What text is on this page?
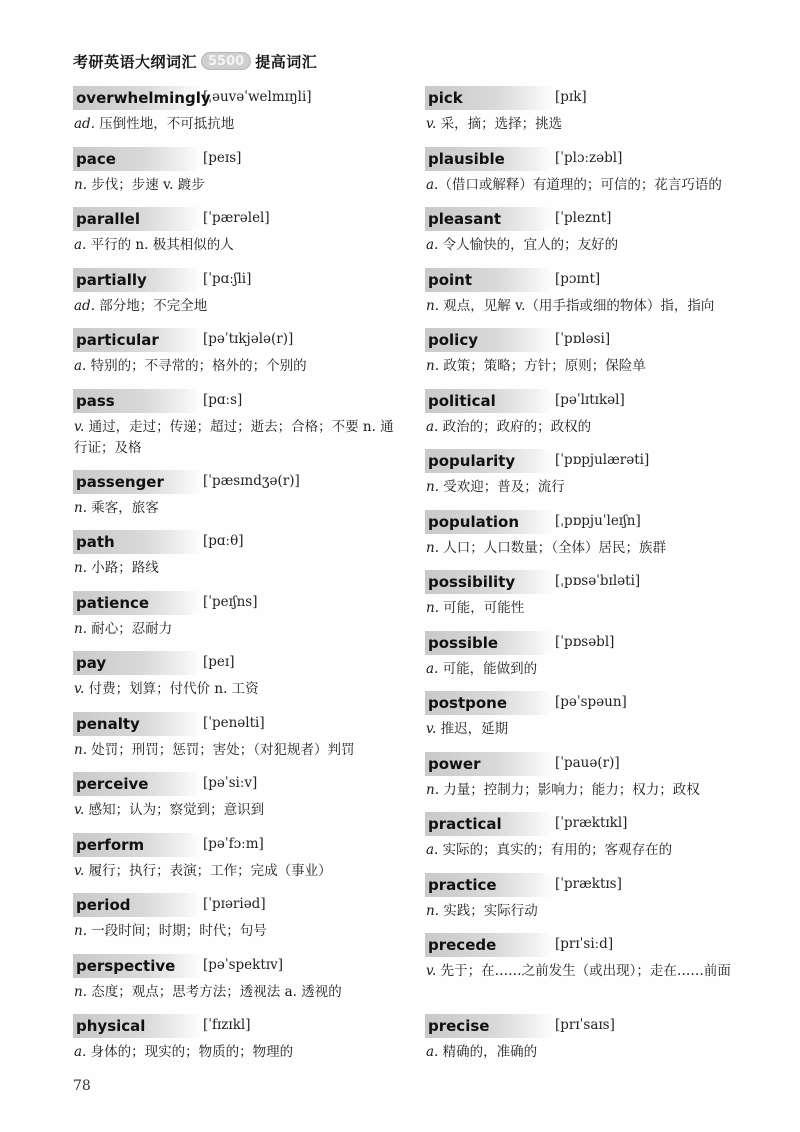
考研英语大纲词汇 5500 提高词汇
overwhelmingly
[ˌəuvəˈwelmɪŋli]
ad. 压倒性地，不可抵抗地
pace	[peɪs]
n. 步伐；步速 v. 踱步
parallel	[ˈpærəlel]
a. 平行的 n. 极其相似的人
partially	[ˈpɑːʃli]
ad. 部分地；不完全地
particular	[pəˈtɪkjələ(r)]
a. 特别的；不寻常的；格外的；个别的
pass	[pɑːs]
v. 通过，走过；传递；超过；逝去；合格；不要 n. 通行证；及格
passenger	[ˈpæsɪndʒə(r)]
n. 乘客，旅客
path	[pɑːθ]
n. 小路；路线
patience	[ˈpeɪʃns]
n. 耐心；忍耐力
pay	[peɪ]
v. 付费；划算；付代价 n. 工资
penalty	[ˈpenəlti]
n. 处罚；刑罚；惩罚；害处；（对犯规者）判罚
perceive	[pəˈsiːv]
v. 感知；认为；察觉到；意识到
perform	[pəˈfɔːm]
v. 履行；执行；表演；工作；完成（事业）
period	[ˈpɪəriəd]
n. 一段时间；时期；时代；句号
perspective [pəˈspektɪv]
n. 态度；观点；思考方法；透视法 a. 透视的
physical	[ˈfɪzɪkl]
a. 身体的；现实的；物质的；物理的
pick	[pɪk]
v. 采，摘；选择；挑选
plausible	[ˈplɔːzəbl]
a.（借口或解释）有道理的；可信的；花言巧语的
pleasant	[ˈpleznt]
a. 令人愉快的，宜人的；友好的
point	[pɔɪnt]
n. 观点，见解 v.（用手指或细的物体）指，指向
policy	[ˈpɒləsi]
n. 政策；策略；方针；原则；保险单
political	[pəˈlɪtɪkəl]
a. 政治的；政府的；政权的
popularity	[ˈpɒpjulærəti]
n. 受欢迎；普及；流行
population	[ˌpɒpjuˈleɪʃn]
n. 人口；人口数量；（全体）居民；族群
possibility	[ˌpɒsəˈbɪləti]
n. 可能，可能性
possible	[ˈpɒsəbl]
a. 可能，能做到的
postpone	[pəˈspəun]
v. 推迟，延期
power	[ˈpauə(r)]
n. 力量；控制力；影响力；能力；权力；政权
practical	[ˈpræktɪkl]
a. 实际的；真实的；有用的；客观存在的
practice	[ˈpræktɪs]
n. 实践；实际行动
precede	[prɪˈsiːd]
v. 先于；在……之前发生（或出现）；走在……前面
precise	[prɪˈsaɪs]
a. 精确的，准确的
78
